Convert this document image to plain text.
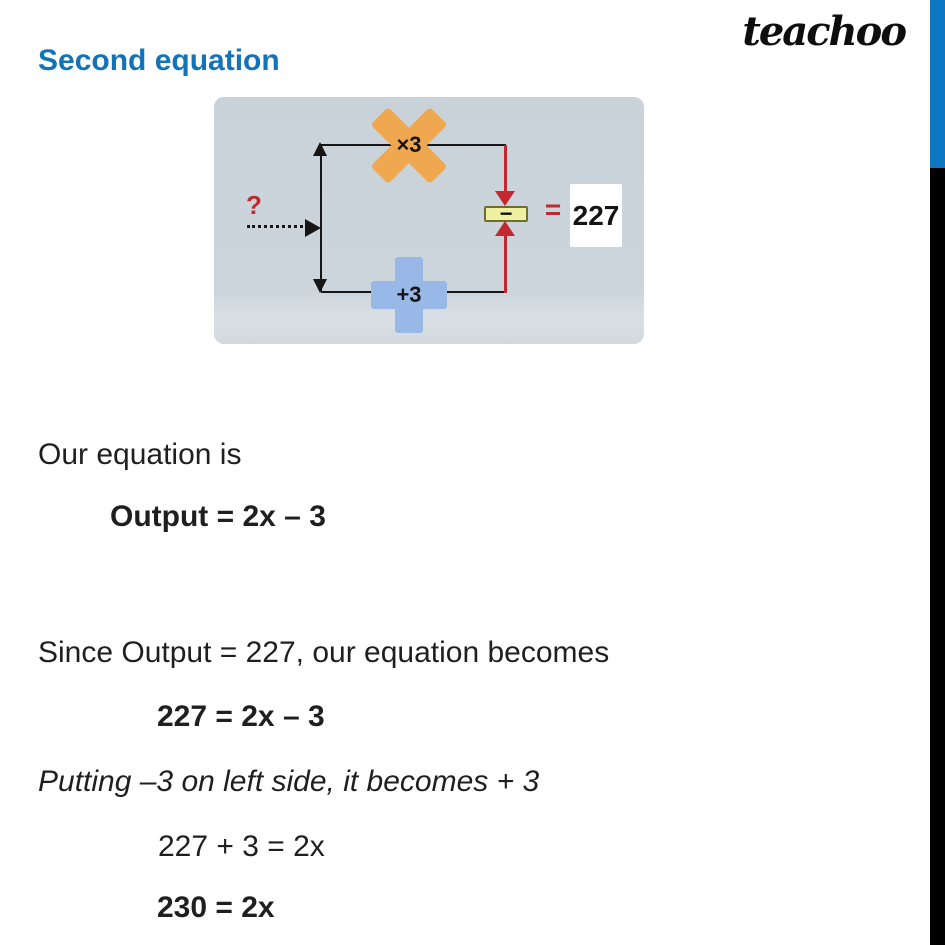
teachoo
Second equation
?
×3
+3
−	= 227
Our equation is
Output = 2x – 3
Since Output = 227, our equation becomes
227 = 2x – 3
Putting –3 on left side, it becomes + 3
227 + 3 = 2x
230 = 2x
